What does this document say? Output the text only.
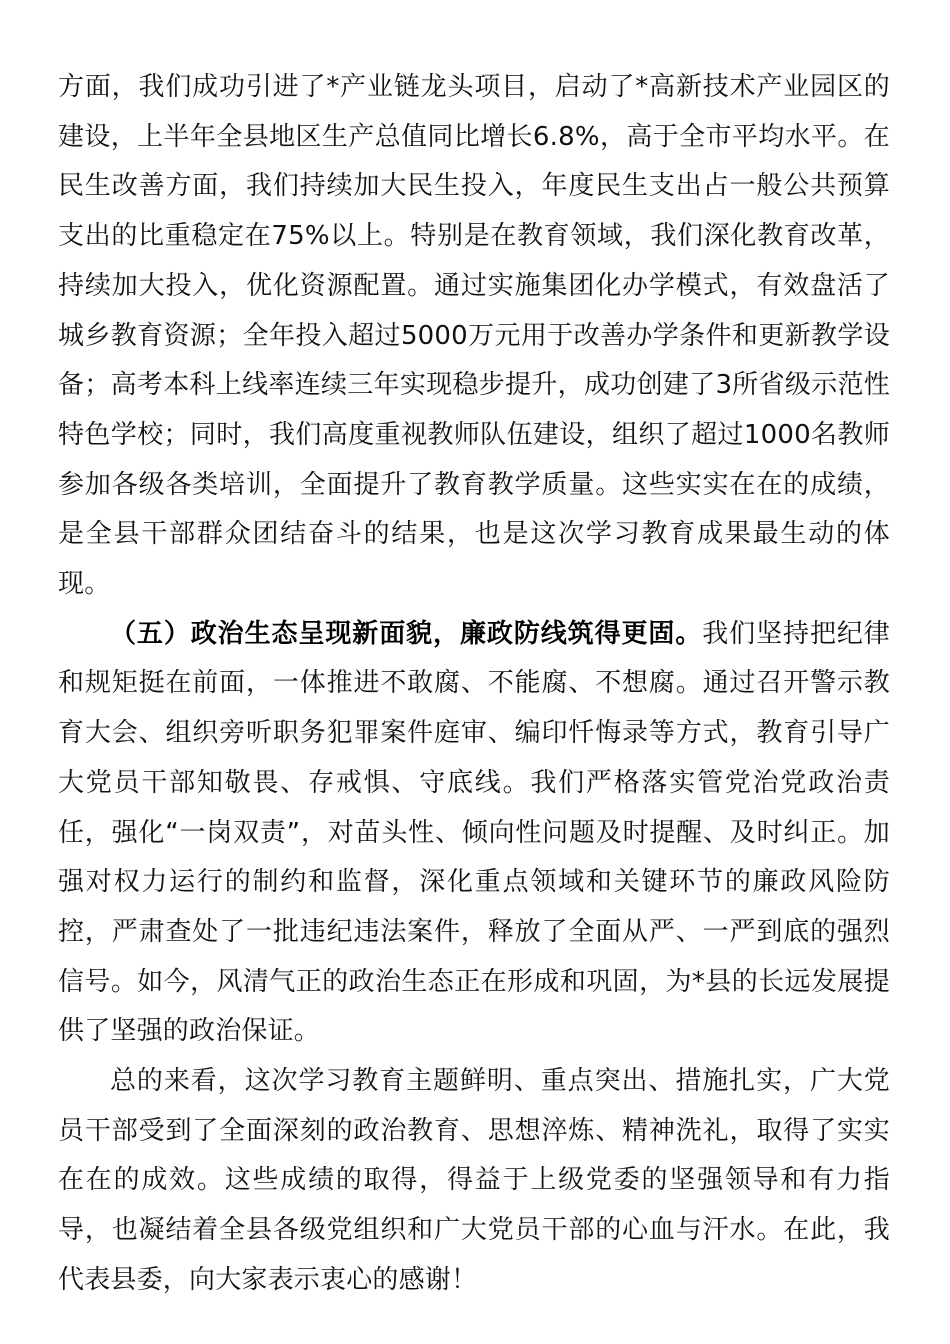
方面，我们成功引进了*产业链龙头项目，启动了*高新技术产业园区的建设，上半年全县地区生产总值同比增长6.8%，高于全市平均水平。在民生改善方面，我们持续加大民生投入，年度民生支出占一般公共预算支出的比重稳定在75%以上。特别是在教育领域，我们深化教育改革，持续加大投入，优化资源配置。通过实施集团化办学模式，有效盘活了城乡教育资源；全年投入超过5000万元用于改善办学条件和更新教学设备；高考本科上线率连续三年实现稳步提升，成功创建了3所省级示范性特色学校；同时，我们高度重视教师队伍建设，组织了超过1000名教师参加各级各类培训，全面提升了教育教学质量。这些实实在在的成绩，是全县干部群众团结奋斗的结果，也是这次学习教育成果最生动的体现。

（五）政治生态呈现新面貌，廉政防线筑得更固。我们坚持把纪律和规矩挺在前面，一体推进不敢腐、不能腐、不想腐。通过召开警示教育大会、组织旁听职务犯罪案件庭审、编印忏悔录等方式，教育引导广大党员干部知敬畏、存戒惧、守底线。我们严格落实管党治党政治责任，强化“一岗双责”，对苗头性、倾向性问题及时提醒、及时纠正。加强对权力运行的制约和监督，深化重点领域和关键环节的廉政风险防控，严肃查处了一批违纪违法案件，释放了全面从严、一严到底的强烈信号。如今，风清气正的政治生态正在形成和巩固，为*县的长远发展提供了坚强的政治保证。

总的来看，这次学习教育主题鲜明、重点突出、措施扎实，广大党员干部受到了全面深刻的政治教育、思想淬炼、精神洗礼，取得了实实在在的成效。这些成绩的取得，得益于上级党委的坚强领导和有力指导，也凝结着全县各级党组织和广大党员干部的心血与汗水。在此，我代表县委，向大家表示衷心的感谢！
